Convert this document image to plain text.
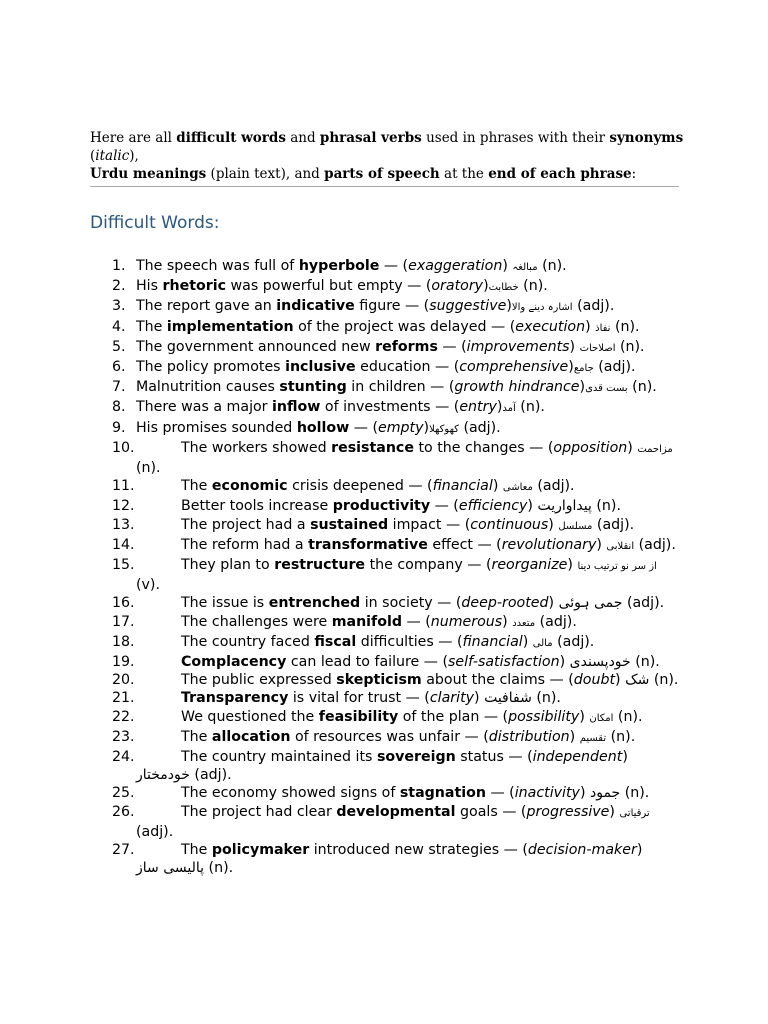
Here are all difficult words and phrasal verbs used in phrases with their synonyms (italic),
Urdu meanings (plain text), and parts of speech at the end of each phrase:
Difficult Words:
1. The speech was full of hyperbole — (exaggeration) مبالغہ (n).
2. His rhetoric was powerful but empty — (oratory)خطابت (n).
3. The report gave an indicative figure — (suggestive)اشارہ دینے والا (adj).
4. The implementation of the project was delayed — (execution) نفاذ (n).
5. The government announced new reforms — (improvements) اصلاحات (n).
6. The policy promotes inclusive education — (comprehensive)جامع (adj).
7. Malnutrition causes stunting in children — (growth hindrance)بست قدی (n).
8. There was a major inflow of investments — (entry)آمد (n).
9. His promises sounded hollow — (empty)کھوکھلا (adj).
10.	The workers showed resistance to the changes — (opposition) مزاحمت (n).
11.	The economic crisis deepened — (financial) معاشی (adj).
12.	Better tools increase productivity — (efficiency) پیداواریت (n).
13.	The project had a sustained impact — (continuous) مسلسل (adj).
14.	The reform had a transformative effect — (revolutionary) انقلابی (adj).
15.	They plan to restructure the company — (reorganize) از سر نو ترتیب دینا (v).
16.	The issue is entrenched in society — (deep-rooted) جمی ہوئی (adj).
17.	The challenges were manifold — (numerous) متعدد (adj).
18.	The country faced fiscal difficulties — (financial) مالی (adj).
19.	Complacency can lead to failure — (self-satisfaction) خودپسندی (n).
20.	The public expressed skepticism about the claims — (doubt) شک (n).
21.	Transparency is vital for trust — (clarity) شفافیت (n).
22.	We questioned the feasibility of the plan — (possibility) امکان (n).
23.	The allocation of resources was unfair — (distribution) تقسیم (n).
24.	The country maintained its sovereign status — (independent) خودمختار (adj).
25.	The economy showed signs of stagnation — (inactivity) جمود (n).
26.	The project had clear developmental goals — (progressive) ترقیاتی (adj).
27.	The policymaker introduced new strategies — (decision-maker) پالیسی ساز (n).
